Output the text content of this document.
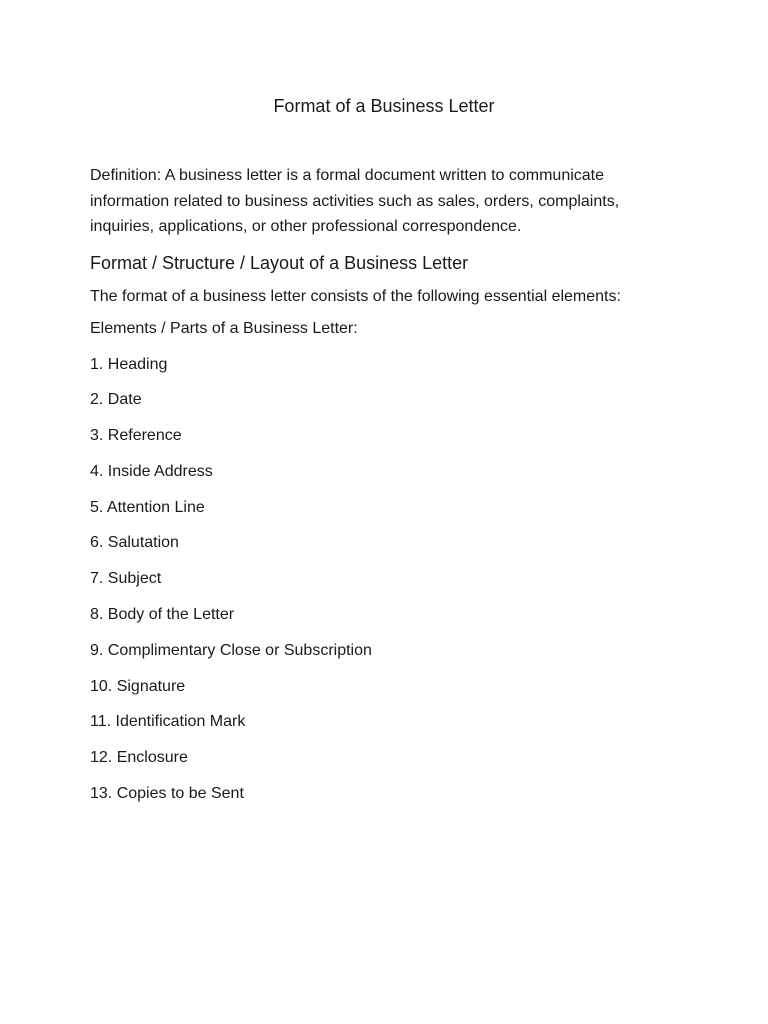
Format of a Business Letter

Definition: A business letter is a formal document written to communicate information related to business activities such as sales, orders, complaints, inquiries, applications, or other professional correspondence.

Format / Structure / Layout of a Business Letter

The format of a business letter consists of the following essential elements:

Elements / Parts of a Business Letter:

1. Heading
2. Date
3. Reference
4. Inside Address
5. Attention Line
6. Salutation
7. Subject
8. Body of the Letter
9. Complimentary Close or Subscription
10. Signature
11. Identification Mark
12. Enclosure
13. Copies to be Sent
